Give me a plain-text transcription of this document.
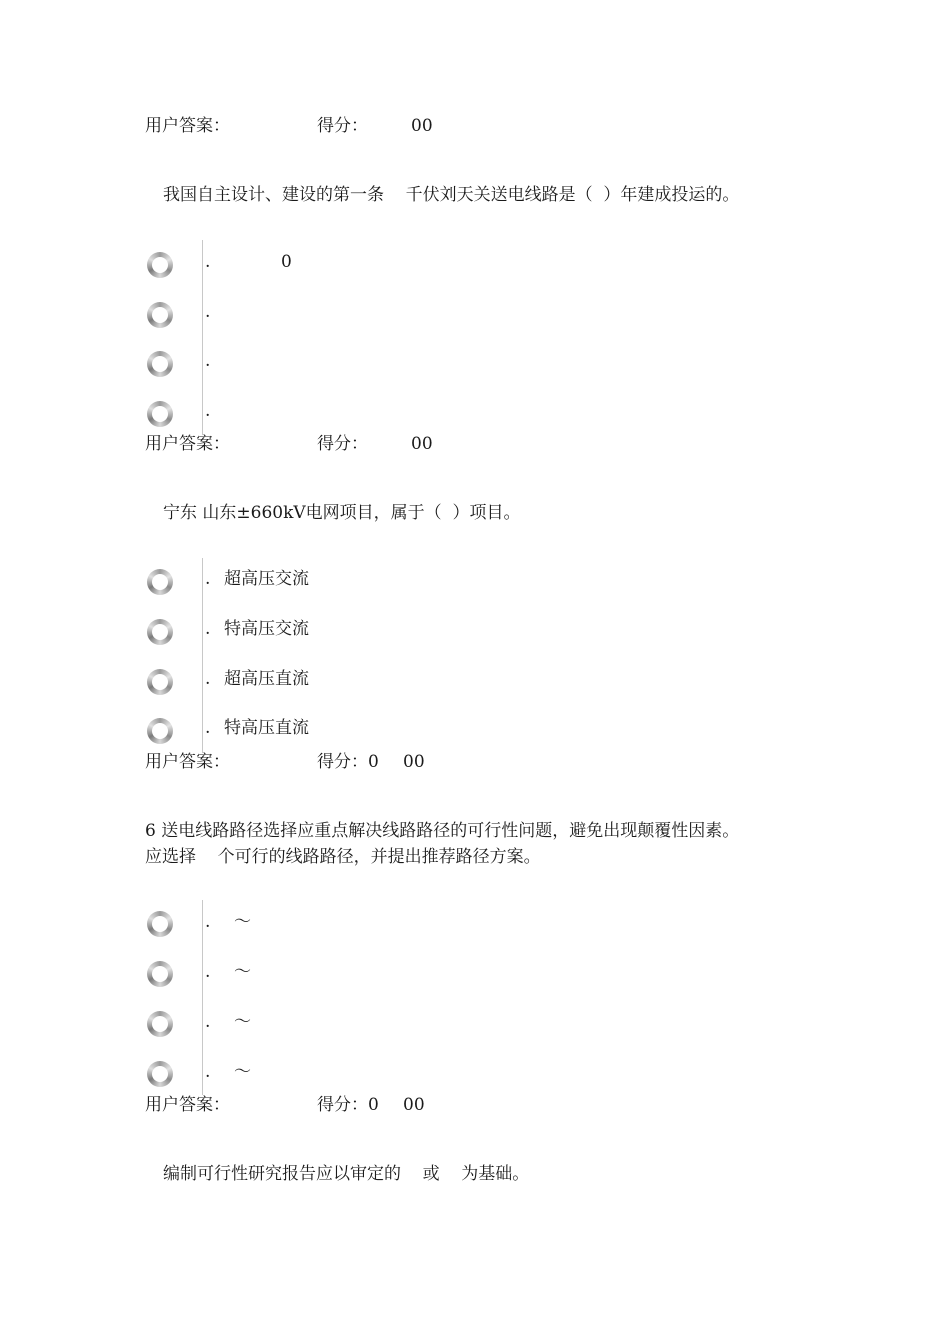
用户答案：	得分：	00
我国自主设计、建设的第一条    千伏刘天关送电线路是（  ）年建成投运的。
.	0
.
.
.
用户答案：	得分：	00
宁东 山东±660kV电网项目，属于（  ）项目。
. 超高压交流
. 特高压交流
. 超高压直流
. 特高压直流
用户答案：	得分：0 00
6 送电线路路径选择应重点解决线路路径的可行性问题，避免出现颠覆性因素。
应选择    个可行的线路路径，并提出推荐路径方案。
. ～
. ～
. ～
. ～
用户答案：	得分：0 00
编制可行性研究报告应以审定的    或    为基础。
